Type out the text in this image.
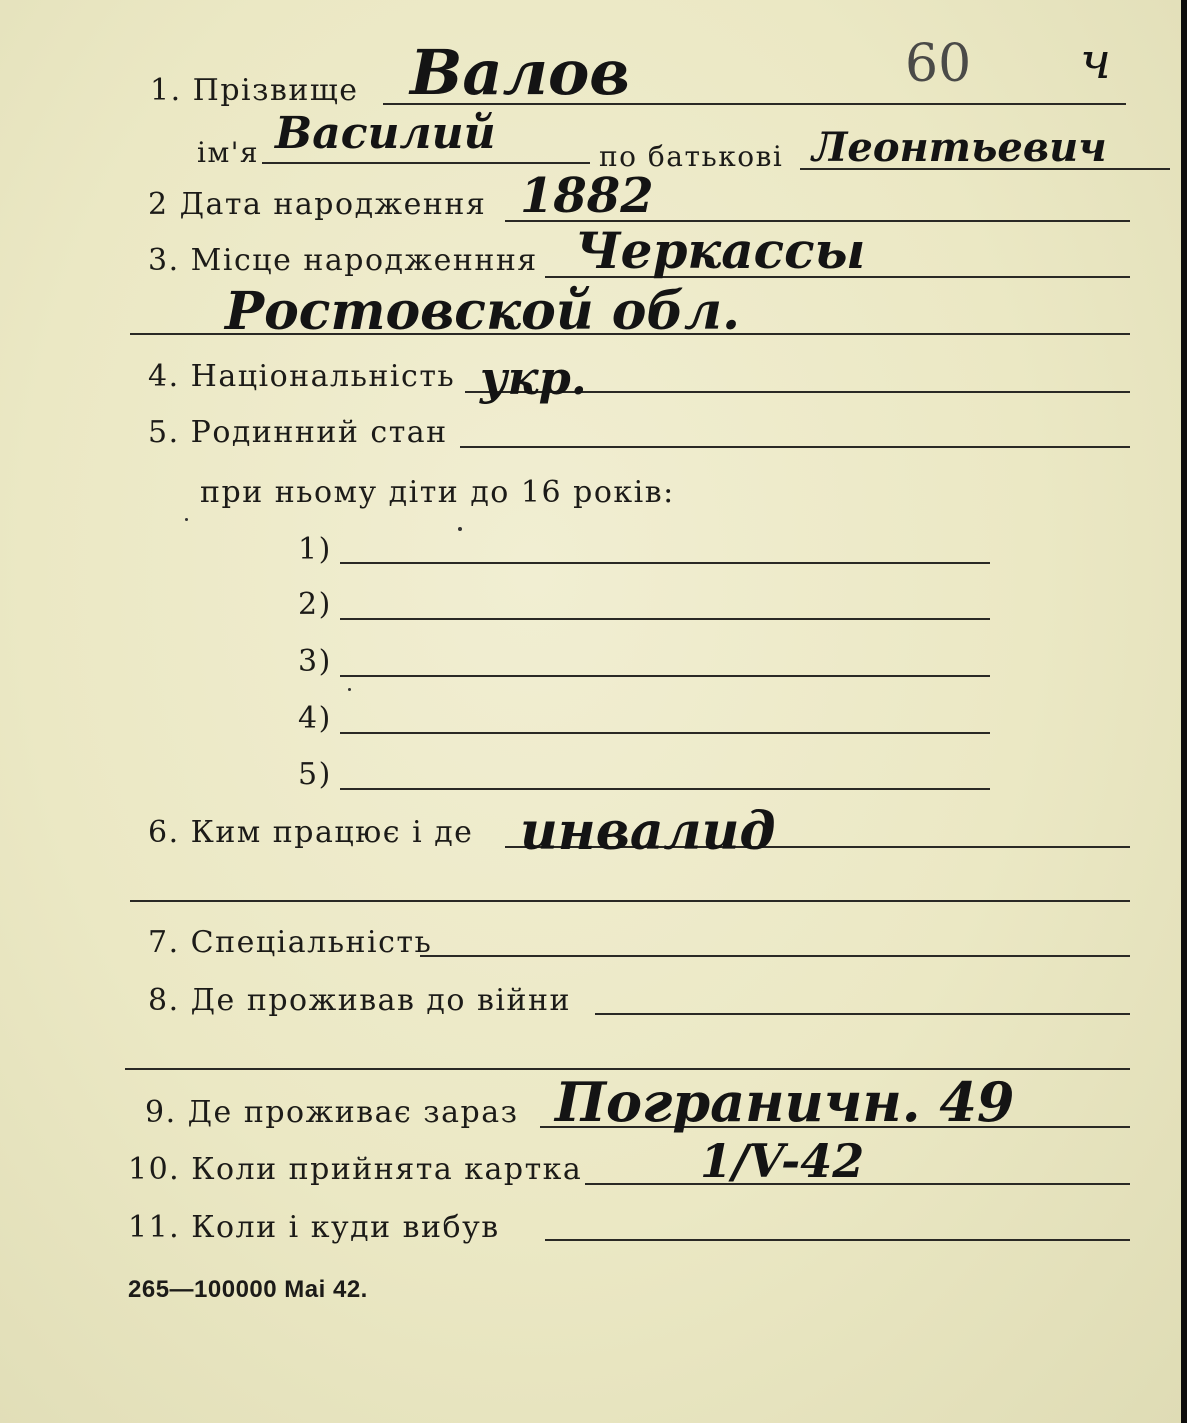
60 ч
1. Прізвище Валов
ім'я Василий	по батькові Леонтьевич
2 Дата народження 1882
3. Місце народженння Черкассы
Ростовской обл.
4. Національність укр.
5. Родинний стан
при ньому діти до 16 років:
1)
2)
3)
4)
5)
6. Ким працює і де инвалид
7. Спеціальність
8. Де проживав до війни
9. Де проживає зараз Пограничн. 49
10. Коли прийнята картка	1/V-42
11. Коли і куди вибув
265—100000 Mai 42.
